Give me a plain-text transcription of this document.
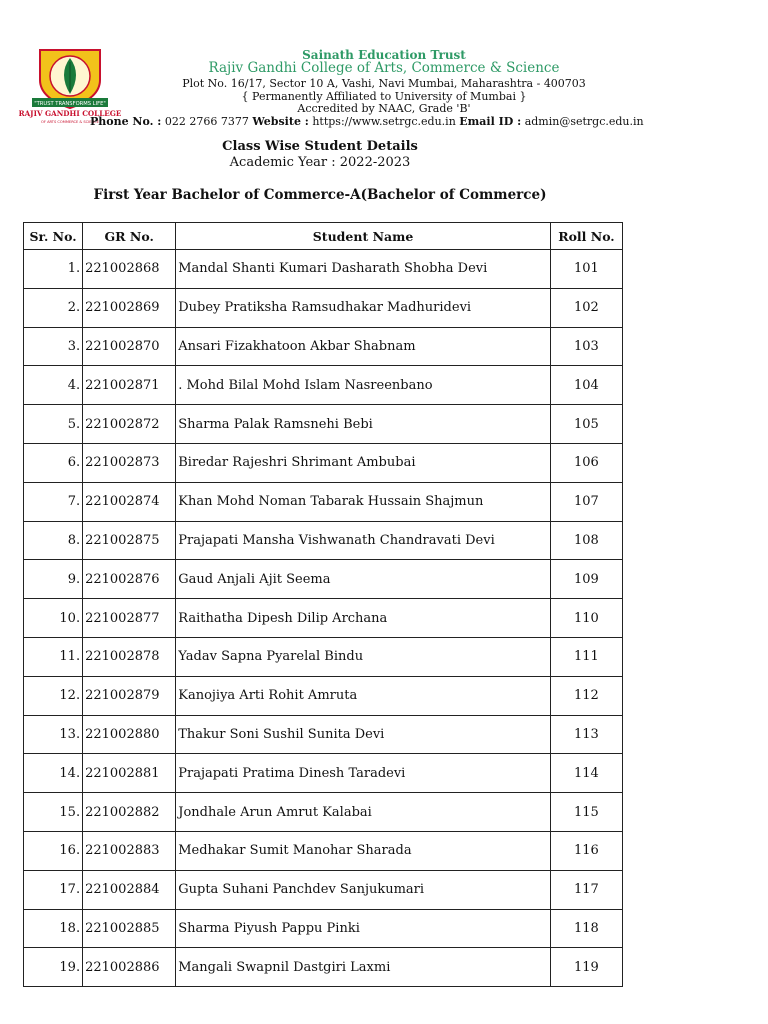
"TRUST TRANSFORMS LIFE"
RAJIV GANDHI COLLEGE
OF ARTS COMMERCE & SCIENCE
Sainath Education Trust
Rajiv Gandhi College of Arts, Commerce & Science
Plot No. 16/17, Sector 10 A, Vashi, Navi Mumbai, Maharashtra - 400703
{ Permanently Affiliated to University of Mumbai }
Accredited by NAAC, Grade 'B'
Phone No. : 022 2766 7377 Website : https://www.setrgc.edu.in Email ID : admin@setrgc.edu.in
Class Wise Student Details
Academic Year : 2022-2023
First Year Bachelor of Commerce-A(Bachelor of Commerce)
Sr. No.	GR No.	Student Name	Roll No.
1.	221002868	Mandal Shanti Kumari Dasharath Shobha Devi	101
2.	221002869	Dubey Pratiksha Ramsudhakar Madhuridevi	102
3.	221002870	Ansari Fizakhatoon Akbar Shabnam	103
4.	221002871	. Mohd Bilal Mohd Islam Nasreenbano	104
5.	221002872	Sharma Palak Ramsnehi Bebi	105
6.	221002873	Biredar Rajeshri Shrimant Ambubai	106
7.	221002874	Khan Mohd Noman Tabarak Hussain Shajmun	107
8.	221002875	Prajapati Mansha Vishwanath Chandravati Devi	108
9.	221002876	Gaud Anjali Ajit Seema	109
10.	221002877	Raithatha Dipesh Dilip Archana	110
11.	221002878	Yadav Sapna Pyarelal Bindu	111
12.	221002879	Kanojiya Arti Rohit Amruta	112
13.	221002880	Thakur Soni Sushil Sunita Devi	113
14.	221002881	Prajapati Pratima Dinesh Taradevi	114
15.	221002882	Jondhale Arun Amrut Kalabai	115
16.	221002883	Medhakar Sumit Manohar Sharada	116
17.	221002884	Gupta Suhani Panchdev Sanjukumari	117
18.	221002885	Sharma Piyush Pappu Pinki	118
19.	221002886	Mangali Swapnil Dastgiri Laxmi	119
